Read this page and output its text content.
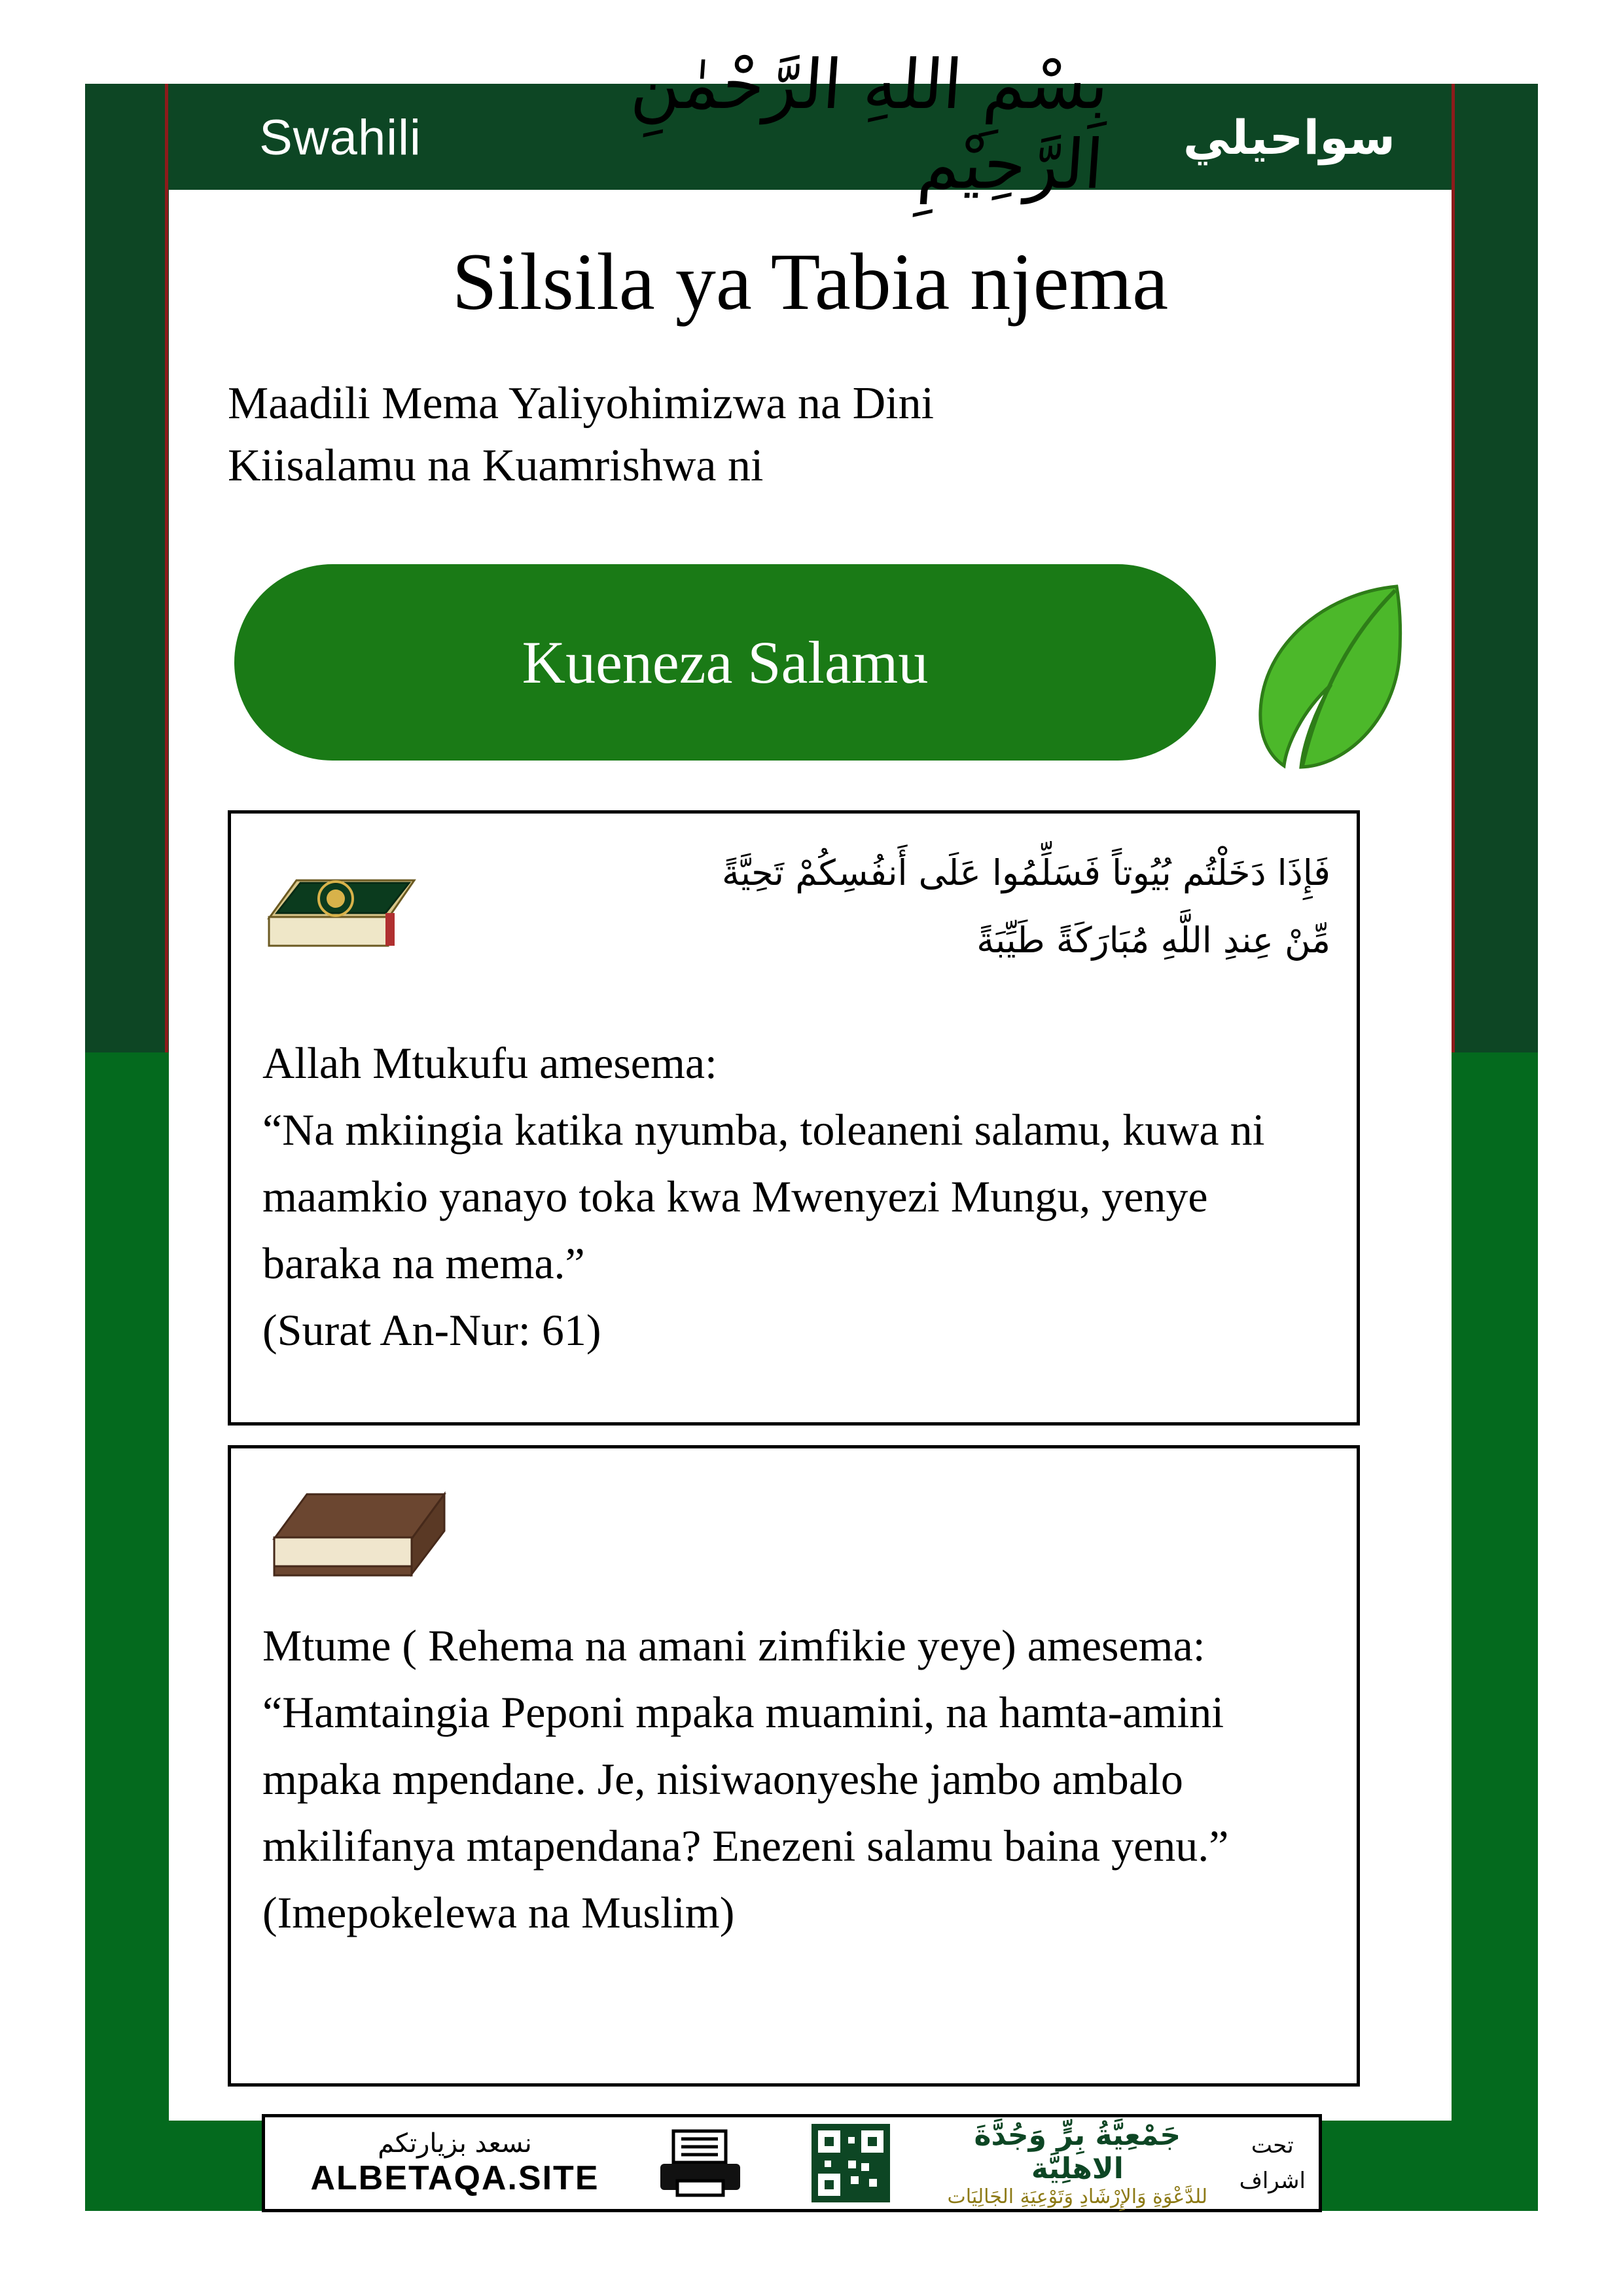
بِسْمِ اللهِ الرَّحْمٰنِ الرَّحِيْمِ
Swahili	سواحيلي
Silsila ya Tabia njema
Maadili Mema Yaliyohimizwa na Dini
Kiisalamu na Kuamrishwa ni
Kueneza Salamu
فَإِذَا دَخَلْتُم بُيُوتاً فَسَلِّمُوا عَلَى أَنفُسِكُمْ تَحِيَّةً مِّنْ عِندِ اللَّهِ مُبَارَكَةً طَيِّبَةً

Allah Mtukufu amesema:

“Na mkiingia katika nyumba, toleaneni salamu, kuwa ni maamkio yanayo toka kwa Mwenyezi Mungu, yenye baraka na mema.”

(Surat An-Nur: 61)

Mtume ( Rehema na amani zimfikie yeye) amesema:

“Hamtaingia Peponi mpaka muamini, na hamta-amini mpaka mpendane. Je, nisiwaonyeshe jambo ambalo mkilifanya mtapendana? Enezeni salamu baina yenu.”

(Imepokelewa na Muslim)

نسعد بزيارتكم
ALBETAQA.SITE
تحت
اشراف
جَمْعِيَّةُ بِرٍّ وَجُدَّةَ الاهلِيَّة
للدَّعْوَةِ وَالإِرْشَادِ وَتَوْعِيَةِ الجَالِيَات
